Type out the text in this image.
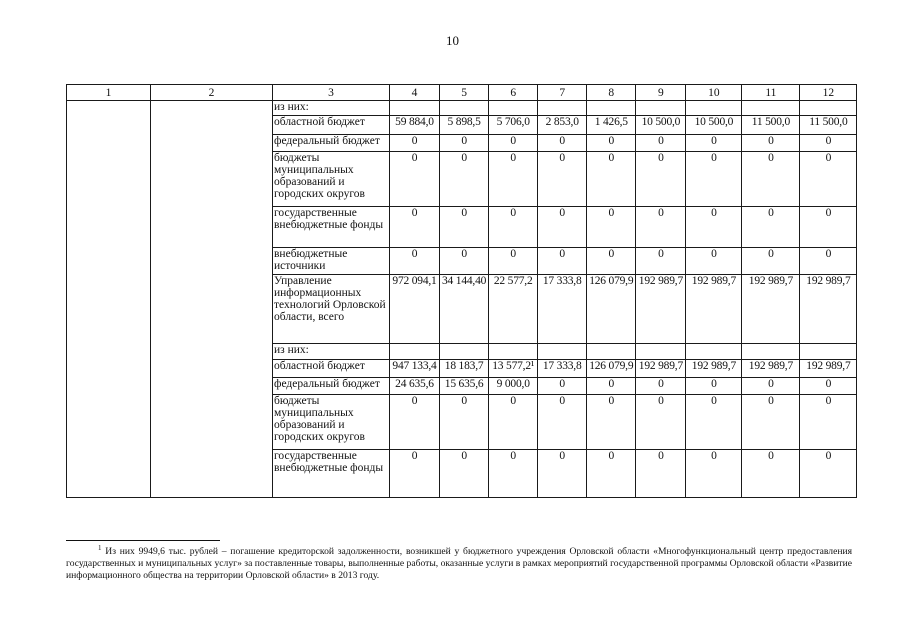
10
1	2	3	4	5	6	7	8	9	10	11	12
		из них:									
		областной бюджет	59 884,0	5 898,5	5 706,0	2 853,0	1 426,5	10 500,0	10 500,0	11 500,0	11 500,0
		федеральный бюджет	0	0	0	0	0	0	0	0	0
		бюджеты муниципальных образований и городских округов	0	0	0	0	0	0	0	0	0
		государственные внебюджетные фонды	0	0	0	0	0	0	0	0	0
		внебюджетные источники	0	0	0	0	0	0	0	0	0
		Управление информационных технологий Орловской области, всего	972 094,1	34 144,40	22 577,2	17 333,8	126 079,9	192 989,7	192 989,7	192 989,7	192 989,7
		из них:									
		областной бюджет	947 133,4	18 183,7	13 577,2¹	17 333,8	126 079,9	192 989,7	192 989,7	192 989,7	192 989,7
		федеральный бюджет	24 635,6	15 635,6	9 000,0	0	0	0	0	0	0
		бюджеты муниципальных образований и городских округов	0	0	0	0	0	0	0	0	0
		государственные внебюджетные фонды	0	0	0	0	0	0	0	0	0
$^1$ Из них 9949,6 тыс. рублей – погашение кредиторской задолженности, возникшей у бюджетного учреждения Орловской области «Многофункциональный центр предоставления государственных и муниципальных услуг» за поставленные товары, выполненные работы, оказанные услуги в рамках мероприятий государственной программы Орловской области «Развитие информационного общества на территории Орловской области» в 2013 году.
